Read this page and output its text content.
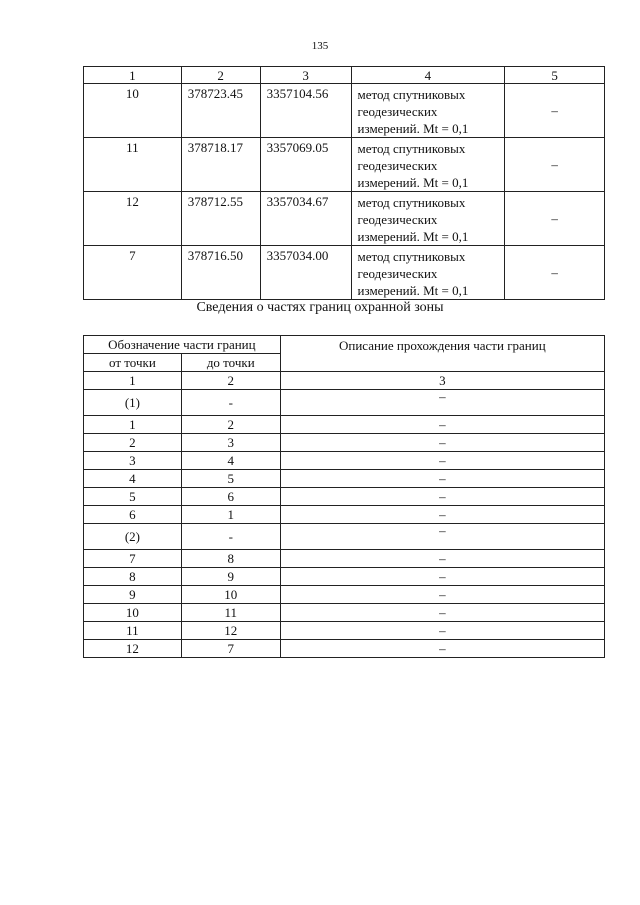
135
1	2	3	4	5
10	378723.45	3357104.56	метод спутниковых
геодезических
измерений. Mt = 0,1	–
11	378718.17	3357069.05	метод спутниковых
геодезических
измерений. Mt = 0,1	–
12	378712.55	3357034.67	метод спутниковых
геодезических
измерений. Mt = 0,1	–
7	378716.50	3357034.00	метод спутниковых
геодезических
измерений. Mt = 0,1	–
Сведения о частях границ охранной зоны
Обозначение части границ		Описание прохождения части границ
от точки	до точки	
1	2	3
(1)	-	–
1	2	–
2	3	–
3	4	–
4	5	–
5	6	–
6	1	–
(2)	-	–
7	8	–
8	9	–
9	10	–
10	11	–
11	12	–
12	7	–
